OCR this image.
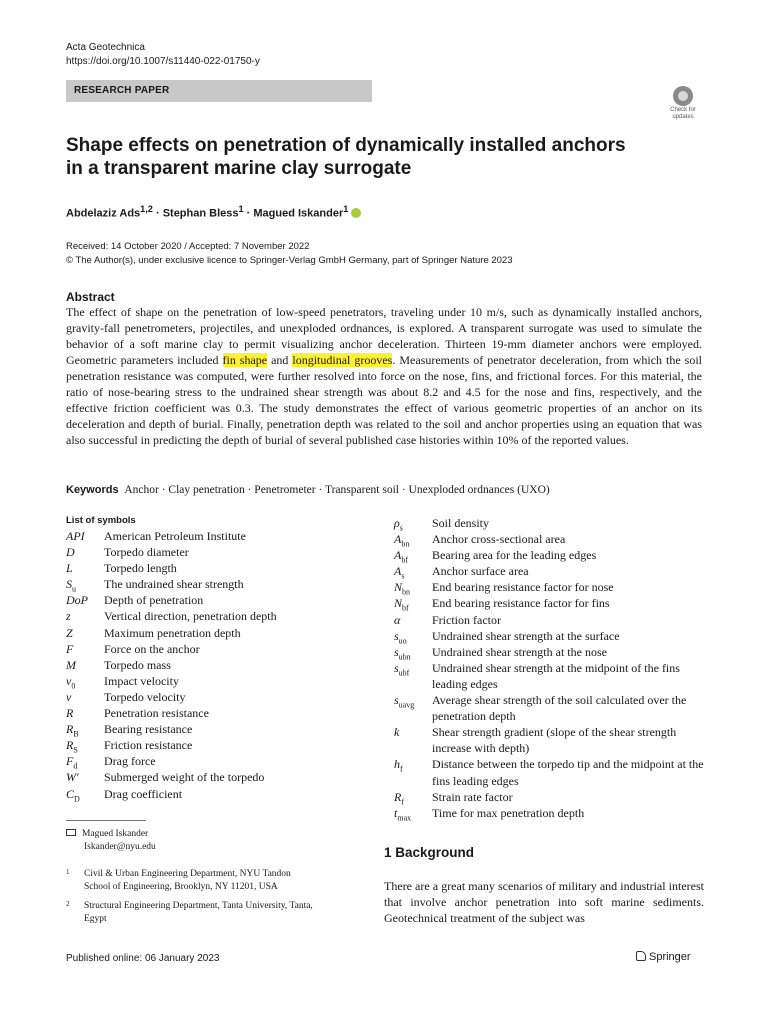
Acta Geotechnica
https://doi.org/10.1007/s11440-022-01750-y
RESEARCH PAPER
Check for
updates
Shape effects on penetration of dynamically installed anchors
in a transparent marine clay surrogate
Abdelaziz Ads$^{1,2}$ · Stephan Bless$^1$ · Magued Iskander$^1$
Received: 14 October 2020 / Accepted: 7 November 2022
© The Author(s), under exclusive licence to Springer-Verlag GmbH Germany, part of Springer Nature 2023
Abstract
The effect of shape on the penetration of low-speed penetrators, traveling under 10 m/s, such as dynamically installed anchors, gravity-fall penetrometers, projectiles, and unexploded ordnances, is explored. A transparent surrogate was used to simulate the behavior of a soft marine clay to permit visualizing anchor deceleration. Thirteen 19-mm diameter anchors were employed. Geometric parameters included fin shape and longitudinal grooves. Measurements of penetrator deceleration, from which the soil penetration resistance was computed, were further resolved into force on the nose, fins, and frictional forces. For this material, the ratio of nose-bearing stress to the undrained shear strength was about 8.2 and 4.5 for the nose and fins, respectively, and the effective friction coefficient was 0.3. The study demonstrates the effect of various geometric properties of an anchor on its deceleration and depth of burial. Finally, penetration depth was related to the soil and anchor properties using an equation that was also successful in predicting the depth of burial of several published case histories within 10% of the reported values.
Keywords Anchor · Clay penetration · Penetrometer · Transparent soil · Unexploded ordnances (UXO)
List of symbols
API	American Petroleum Institute
D	Torpedo diameter
L	Torpedo length
$S_u$	The undrained shear strength
DoP	Depth of penetration
z	Vertical direction, penetration depth
Z	Maximum penetration depth
F	Force on the anchor
M	Torpedo mass
$v_0$	Impact velocity
v	Torpedo velocity
R	Penetration resistance
$R_B$	Bearing resistance
$R_S$	Friction resistance
$F_d$	Drag force
W′	Submerged weight of the torpedo
$C_D$	Drag coefficient
$\rho_s$	Soil density
$A_{bn}$	Anchor cross-sectional area
$A_{bf}$	Bearing area for the leading edges
$A_s$	Anchor surface area
$N_{bn}$	End bearing resistance factor for nose
$N_{bf}$	End bearing resistance factor for fins
α	Friction factor
$s_{uo}$	Undrained shear strength at the surface
$s_{ubn}$	Undrained shear strength at the nose
$s_{ubf}$	Undrained shear strength at the midpoint of the fins leading edges
$s_{uavg}$	Average shear strength of the soil calculated over the penetration depth
k	Shear strength gradient (slope of the shear strength increase with depth)
$h_f$	Distance between the torpedo tip and the midpoint at the fins leading edges
$R_f$	Strain rate factor
$t_{max}$	Time for max penetration depth
Magued Iskander
Iskander@nyu.edu
1	Civil & Urban Engineering Department, NYU Tandon
School of Engineering, Brooklyn, NY 11201, USA
2	Structural Engineering Department, Tanta University, Tanta,
Egypt
1 Background
There are a great many scenarios of military and industrial interest that involve anchor penetration into soft marine sediments. Geotechnical treatment of the subject was
Published online: 06 January 2023	Springer
